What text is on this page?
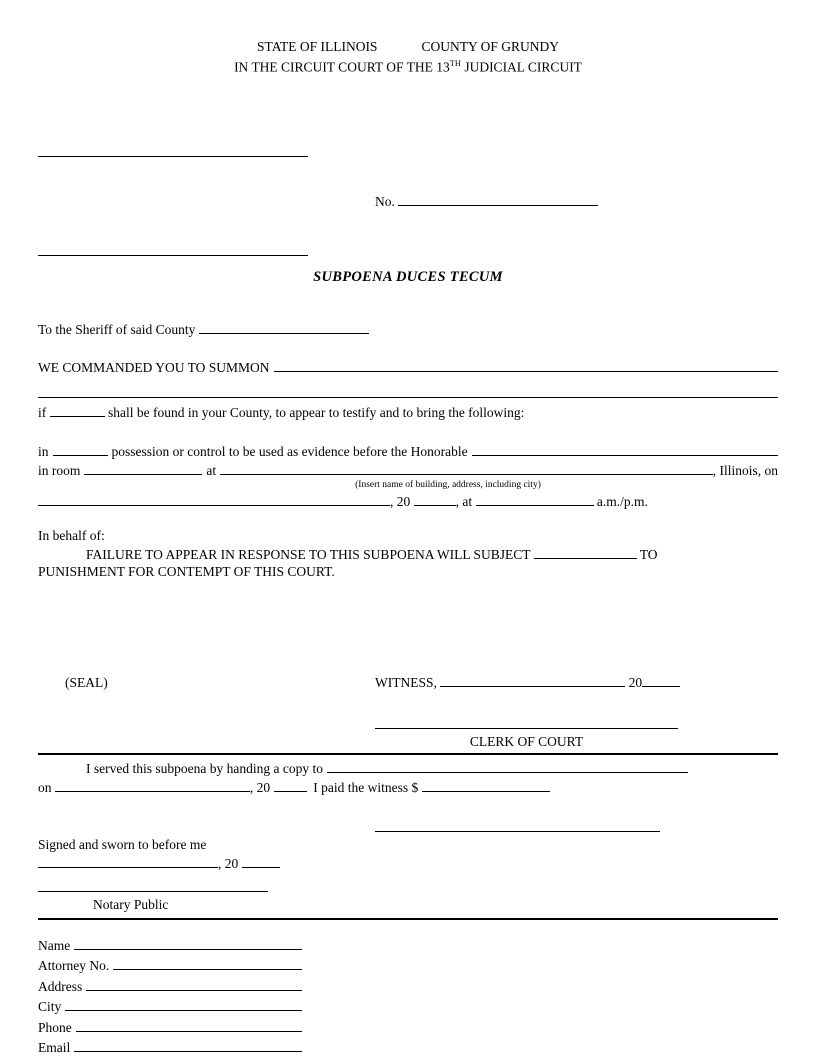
STATE OF ILLINOIS	COUNTY OF GRUNDY
IN THE CIRCUIT COURT OF THE 13TH JUDICIAL CIRCUIT
No.
SUBPOENA DUCES TECUM
To the Sheriff of said County
WE COMMANDED YOU TO SUMMON
if	shall be found in your County, to appear to testify and to bring the following:
in	possession or control to be used as evidence before the Honorable
in room	at	, Illinois, on
(Insert name of building, address, including city)
, 20	, at	a.m./p.m.
In behalf of:
FAILURE TO APPEAR IN RESPONSE TO THIS SUBPOENA WILL SUBJECT	TO
PUNISHMENT FOR CONTEMPT OF THIS COURT.
(SEAL)	WITNESS,	20
CLERK OF COURT
I served this subpoena by handing a copy to
on	, 20	I paid the witness $
Signed and sworn to before me
, 20
Notary Public
Name
Attorney No.
Address
City
Phone
Email
